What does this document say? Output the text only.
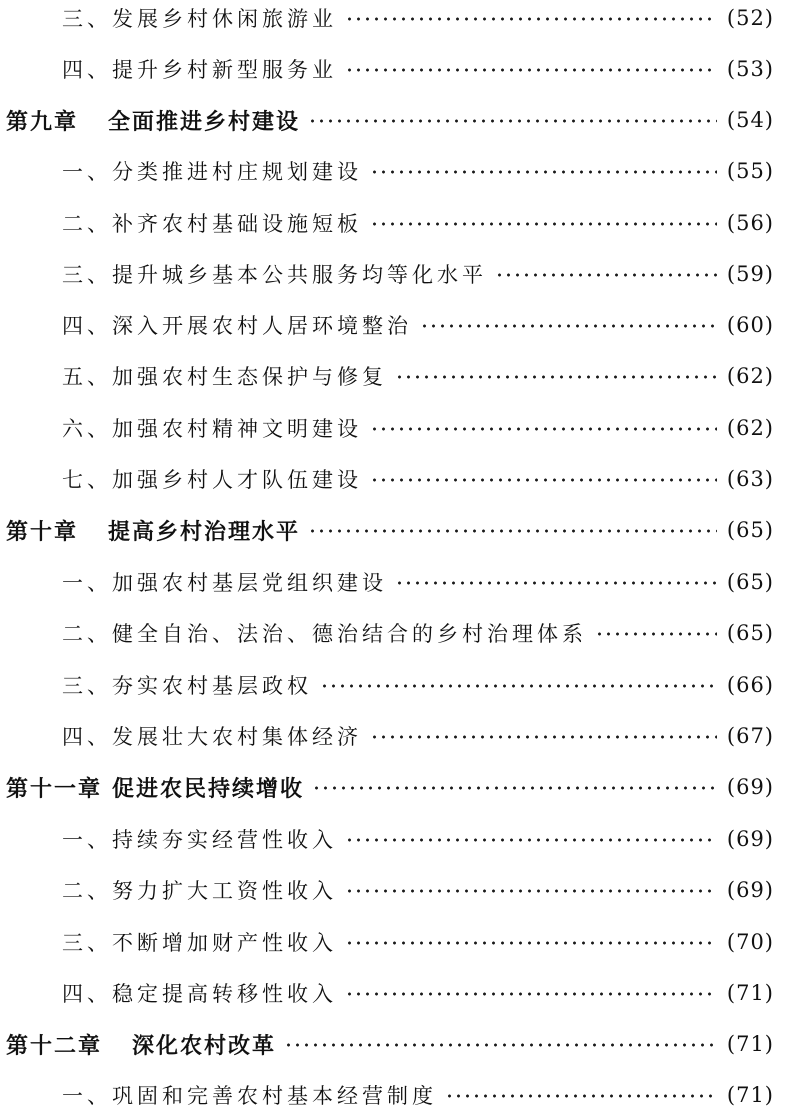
三、发展乡村休闲旅游业	(52)
四、提升乡村新型服务业	(53)
第九章 全面推进乡村建设	(54)
一、分类推进村庄规划建设	(55)
二、补齐农村基础设施短板	(56)
三、提升城乡基本公共服务均等化水平	(59)
四、深入开展农村人居环境整治	(60)
五、加强农村生态保护与修复	(62)
六、加强农村精神文明建设	(62)
七、加强乡村人才队伍建设	(63)
第十章 提高乡村治理水平	(65)
一、加强农村基层党组织建设	(65)
二、健全自治、法治、德治结合的乡村治理体系	(65)
三、夯实农村基层政权	(66)
四、发展壮大农村集体经济	(67)
第十一章 促进农民持续增收	(69)
一、持续夯实经营性收入	(69)
二、努力扩大工资性收入	(69)
三、不断增加财产性收入	(70)
四、稳定提高转移性收入	(71)
第十二章 深化农村改革	(71)
一、巩固和完善农村基本经营制度	(71)
